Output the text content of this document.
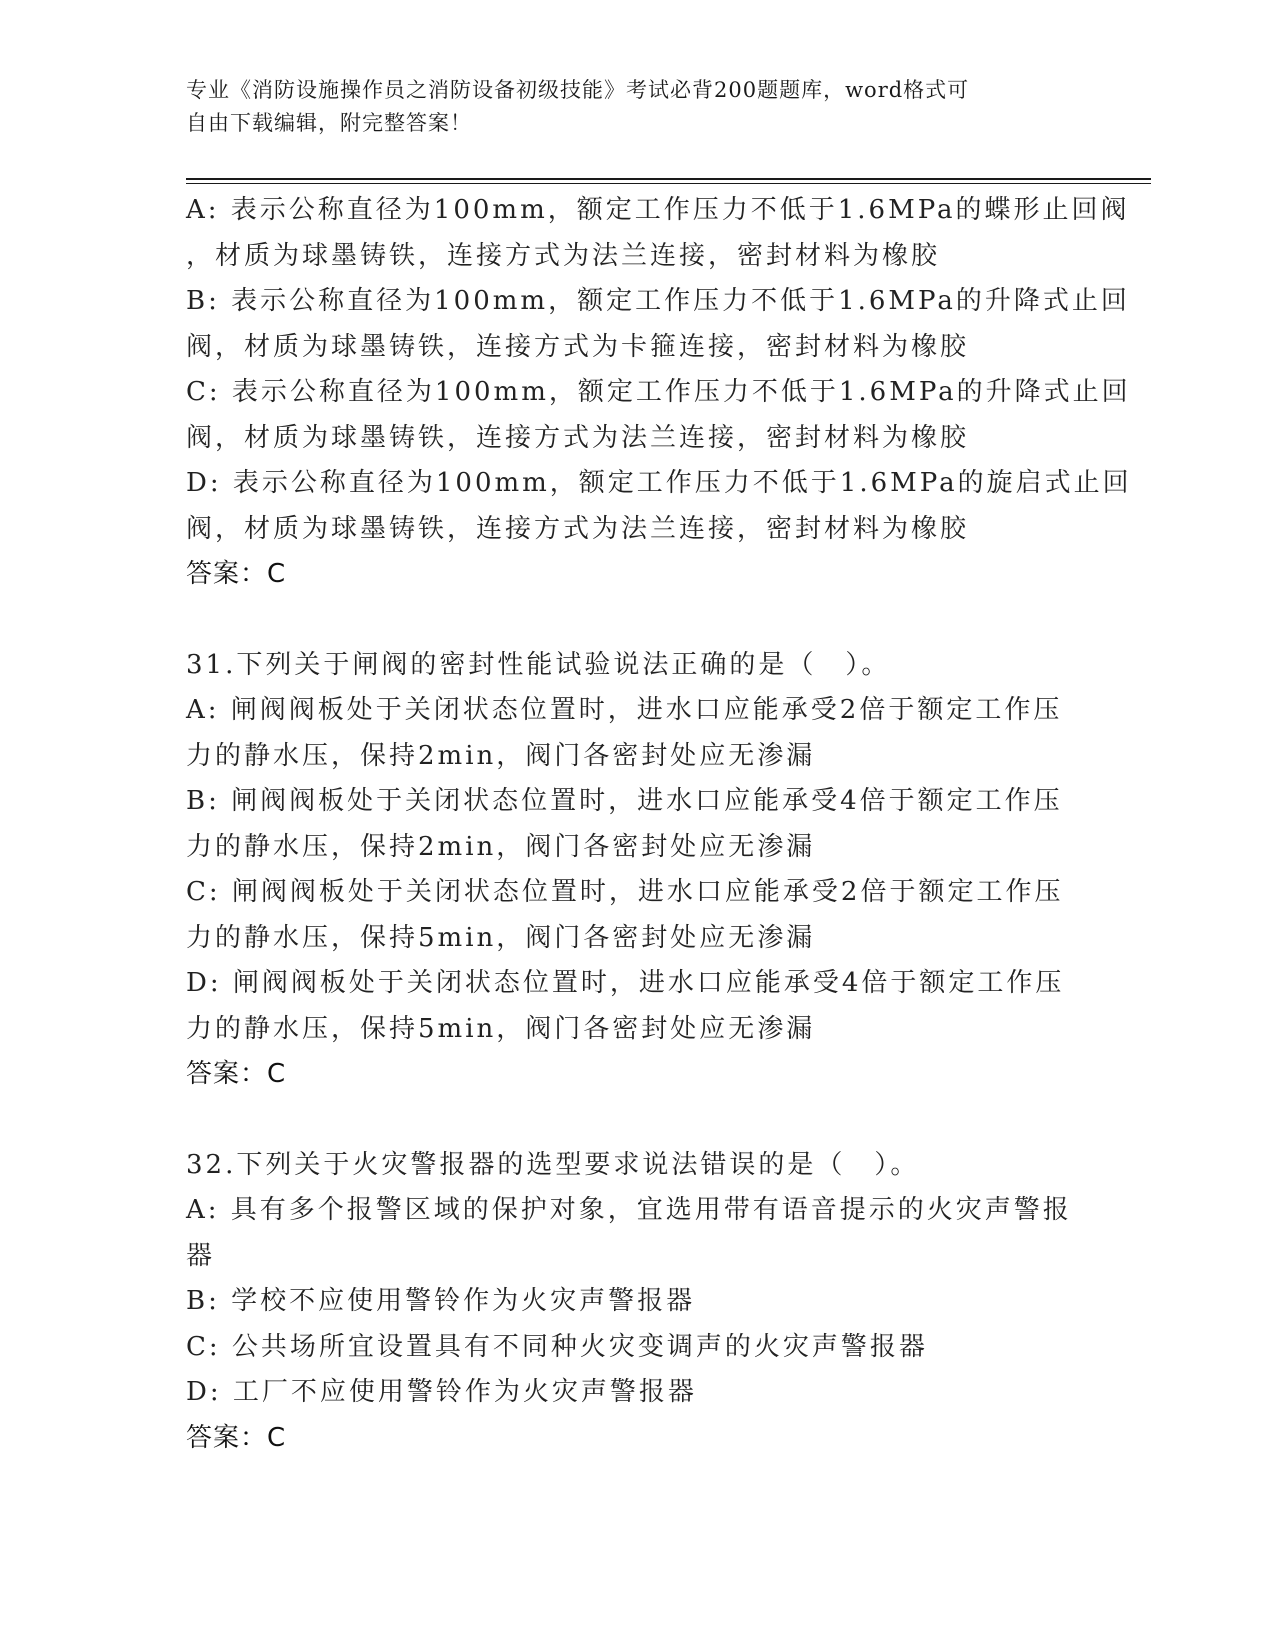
专业《消防设施操作员之消防设备初级技能》考试必背200题题库，word格式可
自由下载编辑，附完整答案！
A: 表示公称直径为100mm，额定工作压力不低于1.6MPa的蝶形止回阀
，材质为球墨铸铁，连接方式为法兰连接，密封材料为橡胶
B: 表示公称直径为100mm，额定工作压力不低于1.6MPa的升降式止回
阀，材质为球墨铸铁，连接方式为卡箍连接，密封材料为橡胶
C: 表示公称直径为100mm，额定工作压力不低于1.6MPa的升降式止回
阀，材质为球墨铸铁，连接方式为法兰连接，密封材料为橡胶
D: 表示公称直径为100mm，额定工作压力不低于1.6MPa的旋启式止回
阀，材质为球墨铸铁，连接方式为法兰连接，密封材料为橡胶
答案：C
31.下列关于闸阀的密封性能试验说法正确的是（　）。
A: 闸阀阀板处于关闭状态位置时，进水口应能承受2倍于额定工作压
力的静水压，保持2min，阀门各密封处应无渗漏
B: 闸阀阀板处于关闭状态位置时，进水口应能承受4倍于额定工作压
力的静水压，保持2min，阀门各密封处应无渗漏
C: 闸阀阀板处于关闭状态位置时，进水口应能承受2倍于额定工作压
力的静水压，保持5min，阀门各密封处应无渗漏
D: 闸阀阀板处于关闭状态位置时，进水口应能承受4倍于额定工作压
力的静水压，保持5min，阀门各密封处应无渗漏
答案：C
32.下列关于火灾警报器的选型要求说法错误的是（　）。
A: 具有多个报警区域的保护对象，宜选用带有语音提示的火灾声警报
器
B: 学校不应使用警铃作为火灾声警报器
C: 公共场所宜设置具有不同种火灾变调声的火灾声警报器
D: 工厂不应使用警铃作为火灾声警报器
答案：C
